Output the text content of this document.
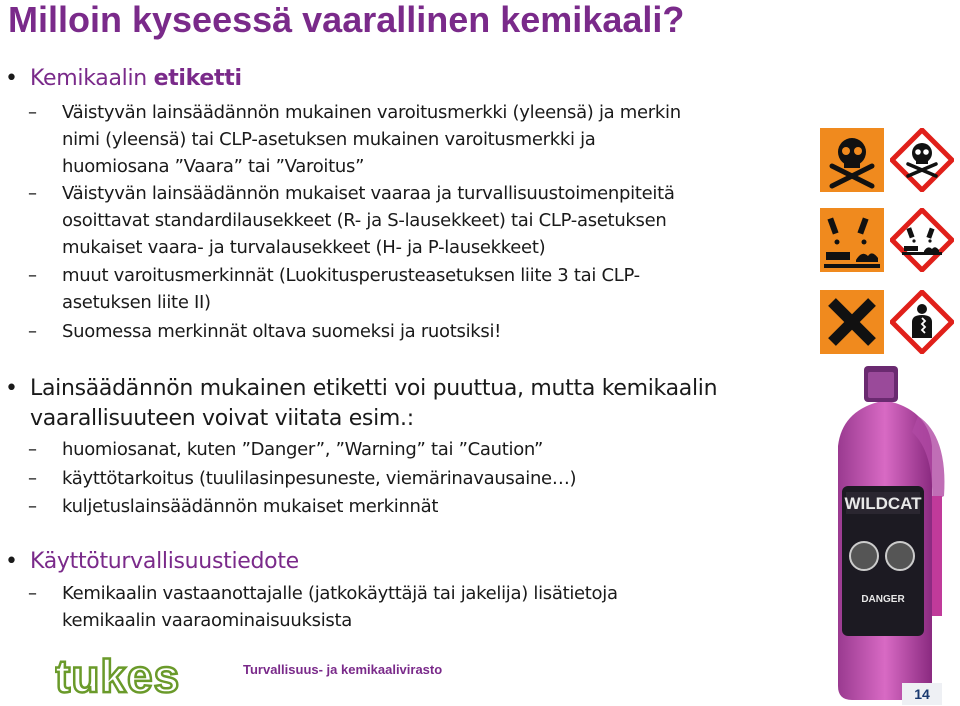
Milloin kyseessä vaarallinen kemikaali?
• Kemikaalin etiketti
– Väistyvän lainsäädännön mukainen varoitusmerkki (yleensä) ja merkin
nimi (yleensä) tai CLP-asetuksen mukainen varoitusmerkki ja
huomiosana ”Vaara” tai ”Varoitus”
– Väistyvän lainsäädännön mukaiset vaaraa ja turvallisuustoimenpiteitä
osoittavat standardilausekkeet (R- ja S-lausekkeet) tai CLP-asetuksen
mukaiset vaara- ja turvalausekkeet (H- ja P-lausekkeet)
– muut varoitusmerkinnät (Luokitusperusteasetuksen liite 3 tai CLP-
asetuksen liite II)
– Suomessa merkinnät oltava suomeksi ja ruotsiksi!
• Lainsäädännön mukainen etiketti voi puuttua, mutta kemikaalin
vaarallisuuteen voivat viitata esim.:
– huomiosanat, kuten ”Danger”, ”Warning” tai ”Caution”
– käyttötarkoitus (tuulilasinpesuneste, viemärinavausaine…)
– kuljetuslainsäädännön mukaiset merkinnät
• Käyttöturvallisuustiedote
– Kemikaalin vastaanottajalle (jatkokäyttäjä tai jakelija) lisätietoja
kemikaalin vaaraominaisuuksista
WILDCAT
DANGER
tukes	Turvallisuus- ja kemikaalivirasto
14
